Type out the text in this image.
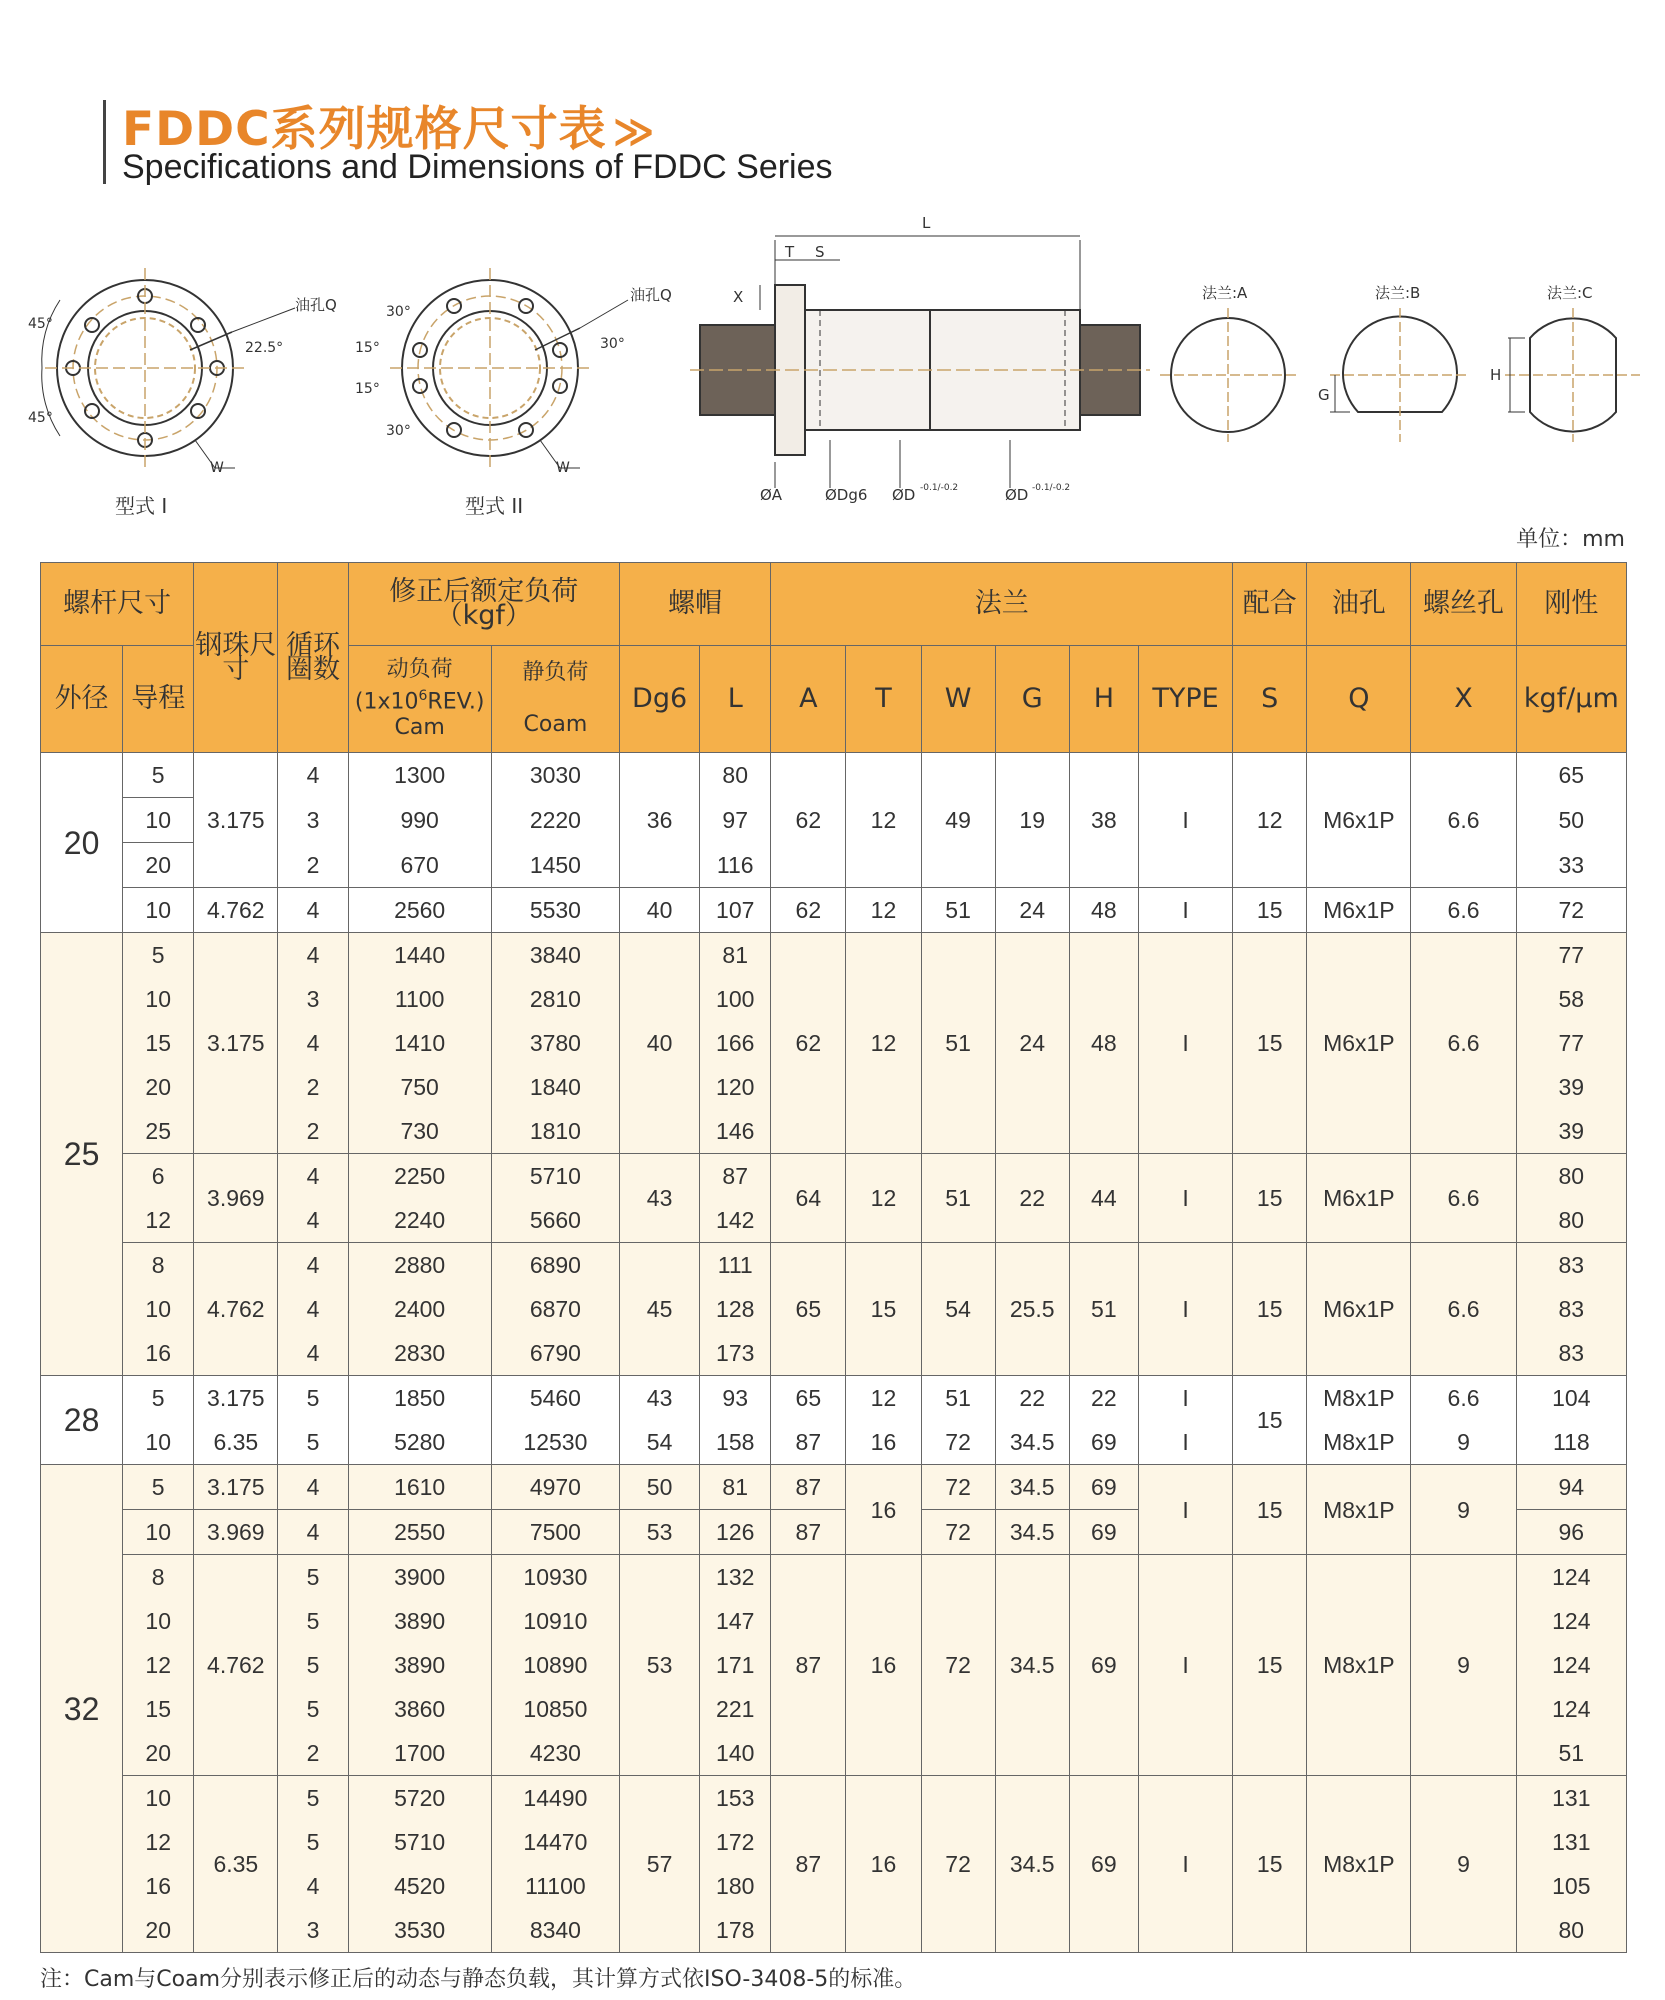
FDDC系列规格尺寸表 ≫
Specifications and Dimensions of FDDC Series
油孔Q
45°
45°
22.5°
W
型式 I
油孔Q
30°
15°
15°
30°
30°
W
型式 II
L
T S
X
ØA	ØDg6 ØD -0.1/-0.2	ØD -0.1/-0.2
法兰:A	法兰:B
G
法兰:C
H
单位：mm
螺杆尺寸		钢珠尺寸	循环圈数	修正后额定负荷
（kgf）		螺帽		法兰						配合	油孔	螺丝孔	刚性
外径	导程			动负荷
$(1x10^6REV.)$
Cam	静负荷

Coam	Dg6	L	A	T	W	G	H	TYPE	S	Q	X	kgf/μm
20	5	3.175	4	1300	3030	36	80	62	12	49	19	38	I	12	M6x1P	6.6	65
	10		3	990	2220		97										50
	20		2	670	1450		116										33
	10	4.762	4	2560	5530	40	107	62	12	51	24	48	I	15	M6x1P	6.6	72
25	5	3.175	4	1440	3840	40	81	62	12	51	24	48	I	15	M6x1P	6.6	77
	10		3	1100	2810		100										58
	15		4	1410	3780		166										77
	20		2	750	1840		120										39
	25		2	730	1810		146										39
	6	3.969	4	2250	5710	43	87	64	12	51	22	44	I	15	M6x1P	6.6	80
	12		4	2240	5660		142										80
	8	4.762	4	2880	6890	45	111	65	15	54	25.5	51	I	15	M6x1P	6.6	83
	10		4	2400	6870		128										83
	16		4	2830	6790		173										83
28	5	3.175	5	1850	5460	43	93	65	12	51	22	22	I	15	M8x1P	6.6	104
	10	6.35	5	5280	12530	54	158	87	16	72	34.5	69	I		M8x1P	9	118
32	5	3.175	4	1610	4970	50	81	87	16	72	34.5	69	I	15	M8x1P	9	94
	10	3.969	4	2550	7500	53	126	87		72	34.5	69					96
	8	4.762	5	3900	10930	53	132	87	16	72	34.5	69	I	15	M8x1P	9	124
	10		5	3890	10910		147										124
	12		5	3890	10890		171										124
	15		5	3860	10850		221										124
	20		2	1700	4230		140										51
	10	6.35	5	5720	14490	57	153	87	16	72	34.5	69	I	15	M8x1P	9	131
	12		5	5710	14470		172										131
	16		4	4520	11100		180										105
	20		3	3530	8340		178										80
注：Cam与Coam分别表示修正后的动态与静态负载，其计算方式依ISO-3408-5的标准。
